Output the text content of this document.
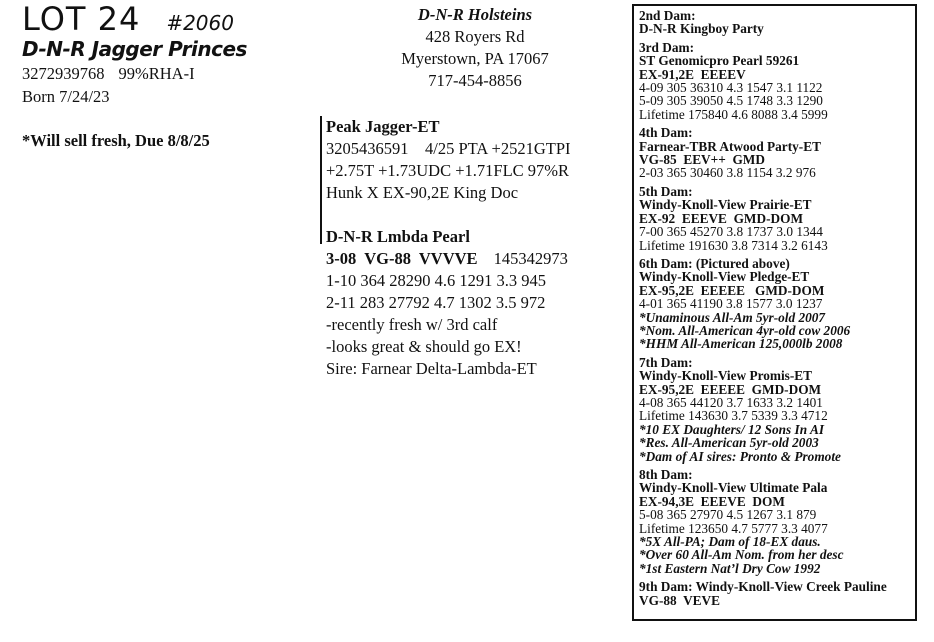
LOT 24 #2060
D-N-R Jagger Princes
3272939768 99%RHA-I
Born 7/24/23
*Will sell fresh, Due 8/8/25
D-N-R Holsteins
428 Royers Rd
Myerstown, PA 17067
717-454-8856
Peak Jagger-ET
3205436591    4/25 PTA +2521GTPI
+2.75T +1.73UDC +1.71FLC 97%R
Hunk X EX-90,2E King Doc
D-N-R Lmbda Pearl
3-08  VG-88  VVVVE 145342973
1-10 364 28290 4.6 1291 3.3 945
2-11 283 27792 4.7 1302 3.5 972
-recently fresh w/ 3rd calf
-looks great & should go EX!
Sire: Farnear Delta-Lambda-ET
2nd Dam:
D-N-R Kingboy Party
3rd Dam:
ST Genomicpro Pearl 59261
EX-91,2E  EEEEV
4-09 305 36310 4.3 1547 3.1 1122
5-09 305 39050 4.5 1748 3.3 1290
Lifetime 175840 4.6 8088 3.4 5999
4th Dam:
Farnear-TBR Atwood Party-ET
VG-85  EEV++  GMD
2-03 365 30460 3.8 1154 3.2 976
5th Dam:
Windy-Knoll-View Prairie-ET
EX-92  EEEVE  GMD-DOM
7-00 365 45270 3.8 1737 3.0 1344
Lifetime 191630 3.8 7314 3.2 6143
6th Dam: (Pictured above)
Windy-Knoll-View Pledge-ET
EX-95,2E  EEEEE   GMD-DOM
4-01 365 41190 3.8 1577 3.0 1237
*Unaminous All-Am 5yr-old 2007
*Nom. All-American 4yr-old cow 2006
*HHM All-American 125,000lb 2008
7th Dam:
Windy-Knoll-View Promis-ET
EX-95,2E  EEEEE  GMD-DOM
4-08 365 44120 3.7 1633 3.2 1401
Lifetime 143630 3.7 5339 3.3 4712
*10 EX Daughters/ 12 Sons In AI
*Res. All-American 5yr-old 2003
*Dam of AI sires: Pronto & Promote
8th Dam:
Windy-Knoll-View Ultimate Pala
EX-94,3E  EEEVE  DOM
5-08 365 27970 4.5 1267 3.1 879
Lifetime 123650 4.7 5777 3.3 4077
*5X All-PA; Dam of 18-EX daus.
*Over 60 All-Am Nom. from her desc
*1st Eastern Nat’l Dry Cow 1992
9th Dam: Windy-Knoll-View Creek Pauline
VG-88  VEVE
